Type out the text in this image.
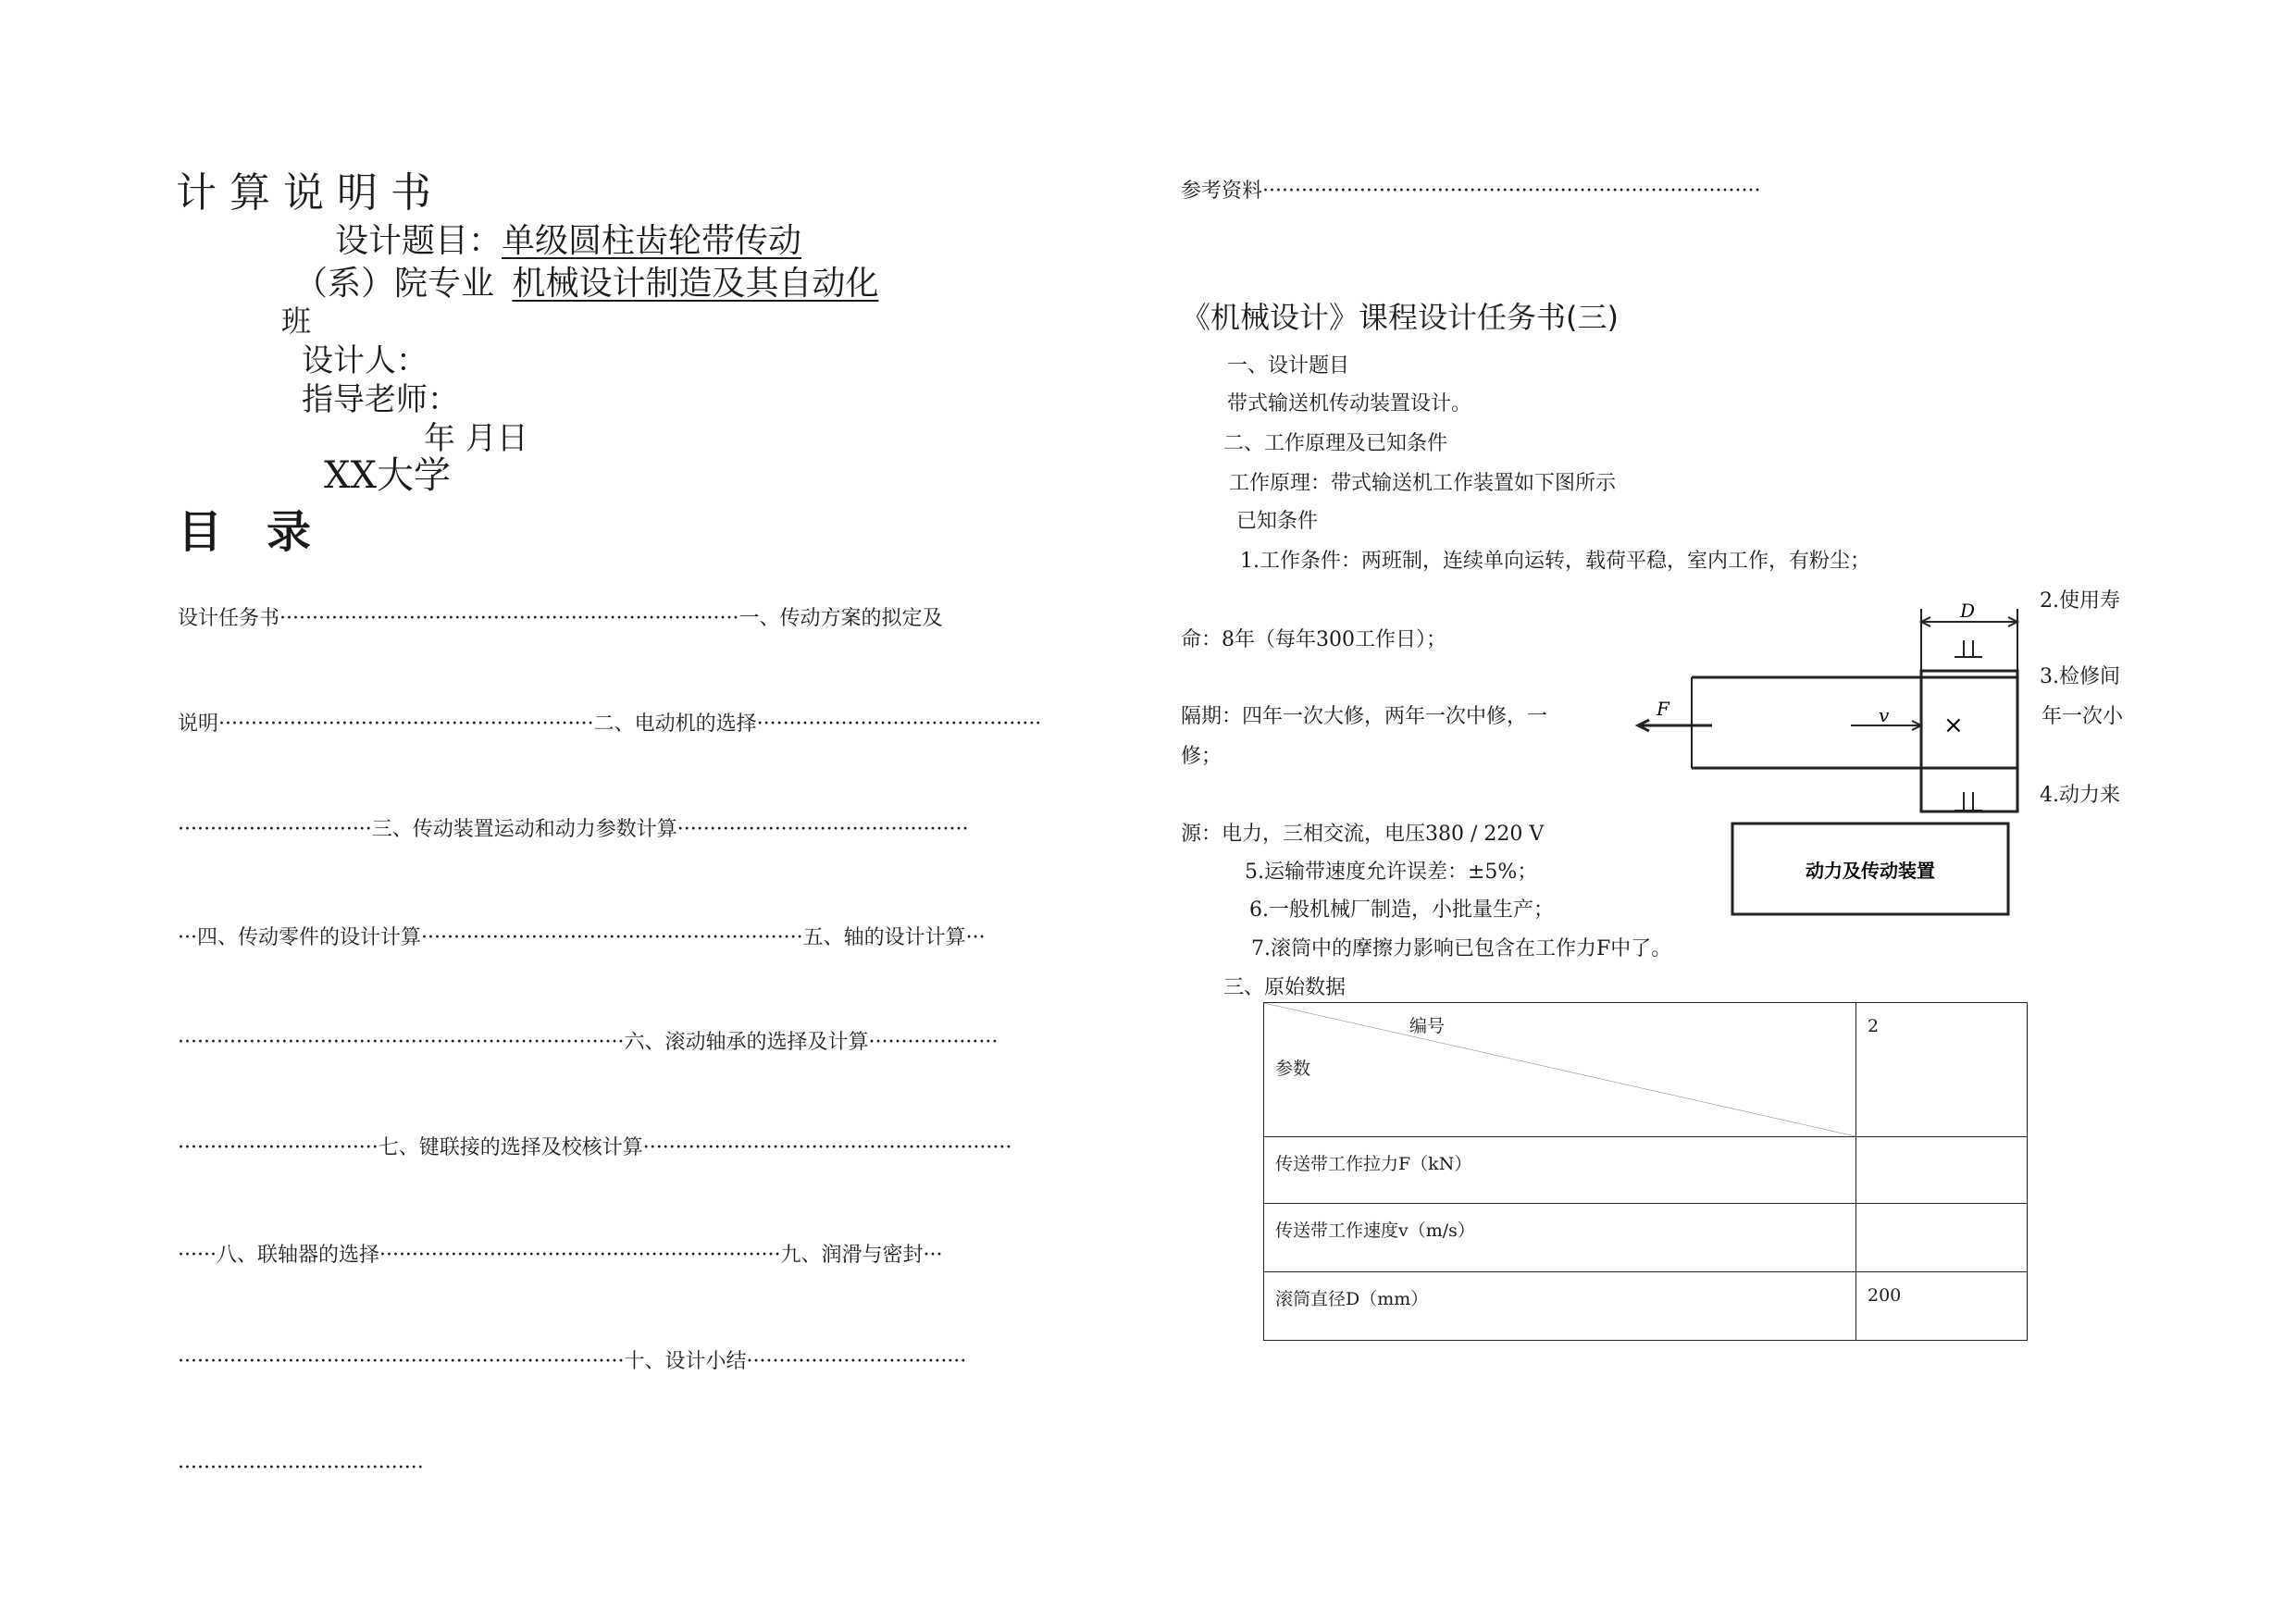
计 算 说 明 书
设计题目：单级圆柱齿轮带传动
（系）院专业 机械设计制造及其自动化
班
设计人：
指导老师：
年 月日
XX大学
目　录
设计任务书·······································································一、传动方案的拟定及
说明··························································二、电动机的选择············································
······························三、传动装置运动和动力参数计算·············································
···四、传动零件的设计计算···························································五、轴的设计计算···
·····································································六、滚动轴承的选择及计算····················
·······························七、键联接的选择及校核计算·························································
······八、联轴器的选择······························································九、润滑与密封···
·····································································十、设计小结··································
······································
参考资料·············································································
《机械设计》课程设计任务书(三)
一、设计题目
带式输送机传动装置设计。
二、工作原理及已知条件
工作原理：带式输送机工作装置如下图所示
已知条件
1.工作条件：两班制，连续单向运转，载荷平稳，室内工作，有粉尘；
2.使用寿
命：8年（每年300工作日）；
3.检修间
年一次小
隔期：四年一次大修，两年一次中修，一
修；
4.动力来
源：电力，三相交流，电压380 / 220 V
5.运输带速度允许误差：±5%；
6.一般机械厂制造，小批量生产；
7.滚筒中的摩擦力影响已包含在工作力F中了。
三、原始数据
D
F	v ×
动力及传动装置
编号
参数	2
传送带工作拉力F（kN）	
传送带工作速度v（m/s）	
滚筒直径D（mm）	200
